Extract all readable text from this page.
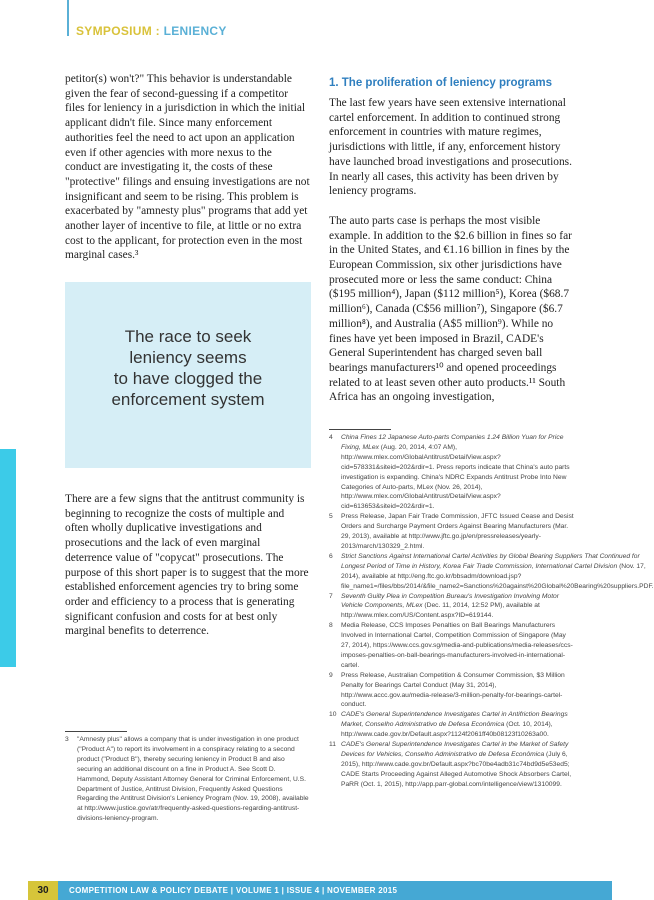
SYMPOSIUM : LENIENCY

petitor(s) won't?" This behavior is understandable given the fear of second-guessing if a competitor files for leniency in a jurisdiction in which the initial applicant didn't file. Since many enforcement authorities feel the need to act upon an application even if other agencies with more nexus to the conduct are investigating it, the costs of these "protective" filings and ensuing investigations are not insignificant and seem to be rising. This problem is exacerbated by "amnesty plus" programs that add yet another layer of incentive to file, at little or no extra cost to the applicant, for protection even in the most marginal cases.³

The race to seek
leniency seems
to have clogged the
enforcement system

There are a few signs that the antitrust community is beginning to recognize the costs of multiple and often wholly duplicative investigations and prosecutions and the lack of even marginal deterrence value of "copycat" prosecutions. The purpose of this short paper is to suggest that the more established enforcement agencies try to bring some order and efficiency to a process that is generating significant confusion and costs for at best only marginal benefits to deterrence.

3	"Amnesty plus" allows a company that is under investigation in one product ("Product A") to report its involvement in a conspiracy relating to a second product ("Product B"), thereby securing leniency in Product B and also securing an additional discount on a fine in Product A. See Scott D. Hammond, Deputy Assistant Attorney General for Criminal Enforcement, U.S. Department of Justice, Antitrust Division, Frequently Asked Questions Regarding the Antitrust Division's Leniency Program (Nov. 19, 2008), available at http://www.justice.gov/atr/frequently-asked-questions-regarding-antitrust-divisions-leniency-program.
1. The proliferation of leniency programs

The last few years have seen extensive international cartel enforcement. In addition to continued strong enforcement in countries with mature regimes, jurisdictions with little, if any, enforcement history have launched broad investigations and prosecutions. In nearly all cases, this activity has been driven by leniency programs.

The auto parts case is perhaps the most visible example. In addition to the $2.6 billion in fines so far in the United States, and €1.16 billion in fines by the European Commission, six other jurisdictions have prosecuted more or less the same conduct: China ($195 million⁴), Japan ($112 million⁵), Korea ($68.7 million⁶), Canada (C$56 million⁷), Singapore ($6.7 million⁸), and Australia (A$5 million⁹). While no fines have yet been imposed in Brazil, CADE's General Superintendent has charged seven ball bearings manufacturers¹⁰ and opened proceedings related to at least seven other auto products.¹¹ South Africa has an ongoing investigation,

4	China Fines 12 Japanese Auto-parts Companies 1.24 Billion Yuan for Price Fixing, MLex (Aug. 20, 2014, 4:07 AM), http://www.mlex.com/GlobalAntitrust/DetailView.aspx?cid=578331&siteid=202&rdir=1. Press reports indicate that China's auto parts investigation is expanding. China's NDRC Expands Antitrust Probe Into New Categories of Auto-parts, MLex (Nov. 26, 2014), http://www.mlex.com/GlobalAntitrust/DetailView.aspx?cid=613653&siteid=202&rdir=1.
5	Press Release, Japan Fair Trade Commission, JFTC Issued Cease and Desist Orders and Surcharge Payment Orders Against Bearing Manufacturers (Mar. 29, 2013), available at http://www.jftc.go.jp/en/pressreleases/yearly-2013/march/130329_2.html.
6	Strict Sanctions Against International Cartel Activities by Global Bearing Suppliers That Continued for Longest Period of Time in History, Korea Fair Trade Commission, International Cartel Division (Nov. 17, 2014), available at http://eng.ftc.go.kr/bbsadm/download.jsp?file_name1=/files/bbs/2014/&file_name2=Sanctions%20against%20Global%20Bearing%20suppliers.PDF.
7	Seventh Guilty Plea in Competition Bureau's Investigation Involving Motor Vehicle Components, MLex (Dec. 11, 2014, 12:52 PM), available at http://www.mlex.com/US/Content.aspx?ID=619144.
8	Media Release, CCS Imposes Penalties on Ball Bearings Manufacturers Involved in International Cartel, Competition Commission of Singapore (May 27, 2014), https://www.ccs.gov.sg/media-and-publications/media-releases/ccs-imposes-penalties-on-ball-bearings-manufacturers-involved-in-international-cartel.
9	Press Release, Australian Competition & Consumer Commission, $3 Million Penalty for Bearings Cartel Conduct (May 31, 2014), http://www.accc.gov.au/media-release/3-million-penalty-for-bearings-cartel-conduct.
10 CADE's General Superintendence Investigates Cartel in Antifriction Bearings Market, Conselho Administrativo de Defesa Econômica (Oct. 10, 2014), http://www.cade.gov.br/Default.aspx?1124f2061ff40b08123f10263a00.
11 CADE's General Superintendence Investigates Cartel in the Market of Safety Devices for Vehicles, Conselho Administrativo de Defesa Econômica (July 6, 2015), http://www.cade.gov.br/Default.aspx?bc70be4adb31c74bd9d5e53ed5; CADE Starts Proceeding Against Alleged Automotive Shock Absorbers Cartel, PaRR (Oct. 1, 2015), http://app.parr-global.com/intelligence/view/1310099.
30	COMPETITION LAW & POLICY DEBATE | VOLUME 1 | ISSUE 4 | NOVEMBER 2015
